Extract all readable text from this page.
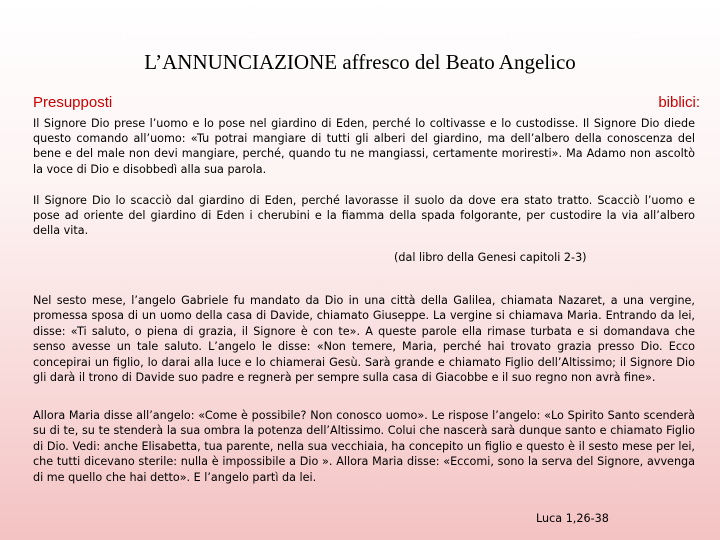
L’ANNUNCIAZIONE affresco del Beato Angelico
Presupposti	biblici:

Il Signore Dio prese l’uomo e lo pose nel giardino di Eden, perché lo coltivasse e lo custodisse. Il Signore Dio diede questo comando all’uomo: «Tu potrai mangiare di tutti gli alberi del giardino, ma dell’albero della conoscenza del bene e del male non devi mangiare, perché, quando tu ne mangiassi, certamente moriresti». Ma Adamo non ascoltò la voce di Dio e disobbedì alla sua parola.

Il Signore Dio lo scacciò dal giardino di Eden, perché lavorasse il suolo da dove era stato tratto. Scacciò l’uomo e pose ad oriente del giardino di Eden i cherubini e la fiamma della spada folgorante, per custodire la via all’albero della vita.

(dal libro della Genesi capitoli 2-3)

Nel sesto mese, l’angelo Gabriele fu mandato da Dio in una città della Galilea, chiamata Nazaret, a una vergine, promessa sposa di un uomo della casa di Davide, chiamato Giuseppe. La vergine si chiamava Maria. Entrando da lei, disse: «Ti saluto, o piena di grazia, il Signore è con te». A queste parole ella rimase turbata e si domandava che senso avesse un tale saluto. L’angelo le disse: «Non temere, Maria, perché hai trovato grazia presso Dio. Ecco concepirai un figlio, lo darai alla luce e lo chiamerai Gesù. Sarà grande e chiamato Figlio dell’Altissimo; il Signore Dio gli darà il trono di Davide suo padre e regnerà per sempre sulla casa di Giacobbe e il suo regno non avrà fine».

Allora Maria disse all’angelo: «Come è possibile? Non conosco uomo». Le rispose l’angelo: «Lo Spirito Santo scenderà su di te, su te stenderà la sua ombra la potenza dell’Altissimo. Colui che nascerà sarà dunque santo e chiamato Figlio di Dio. Vedi: anche Elisabetta, tua parente, nella sua vecchiaia, ha concepito un figlio e questo è il sesto mese per lei, che tutti dicevano sterile: nulla è impossibile a Dio ». Allora Maria disse: «Eccomi, sono la serva del Signore, avvenga di me quello che hai detto». E l’angelo partì da lei.

Luca 1,26-38
